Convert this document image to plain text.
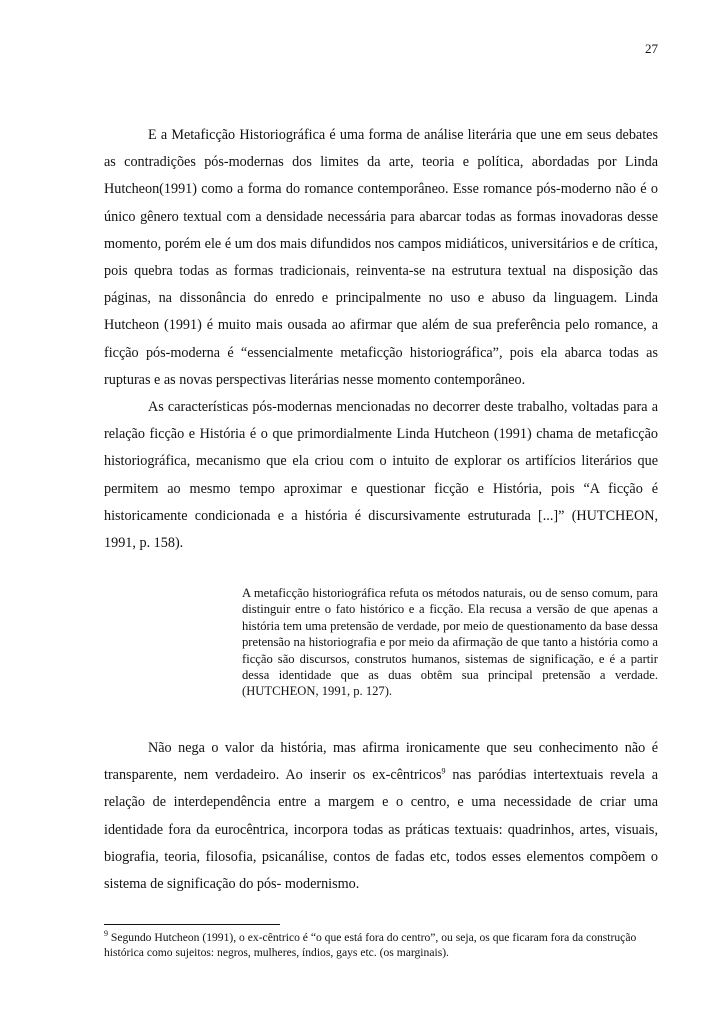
27

E a Metaficção Historiográfica é uma forma de análise literária que une em seus debates as contradições pós-modernas dos limites da arte, teoria e política, abordadas por Linda Hutcheon(1991) como a forma do romance contemporâneo. Esse romance pós-moderno não é o único gênero textual com a densidade necessária para abarcar todas as formas inovadoras desse momento, porém ele é um dos mais difundidos nos campos midiáticos, universitários e de crítica, pois quebra todas as formas tradicionais, reinventa-se na estrutura textual na disposição das páginas, na dissonância do enredo e principalmente no uso e abuso da linguagem. Linda Hutcheon (1991) é muito mais ousada ao afirmar que além de sua preferência pelo romance, a ficção pós-moderna é “essencialmente metaficção historiográfica”, pois ela abarca todas as rupturas e as novas perspectivas literárias nesse momento contemporâneo.

As características pós-modernas mencionadas no decorrer deste trabalho, voltadas para a relação ficção e História é o que primordialmente Linda Hutcheon (1991) chama de metaficção historiográfica, mecanismo que ela criou com o intuito de explorar os artifícios literários que permitem ao mesmo tempo aproximar e questionar ficção e História, pois “A ficção é historicamente condicionada e a história é discursivamente estruturada [...]” (HUTCHEON, 1991, p. 158).

A metaficção historiográfica refuta os métodos naturais, ou de senso comum, para distinguir entre o fato histórico e a ficção. Ela recusa a versão de que apenas a história tem uma pretensão de verdade, por meio de questionamento da base dessa pretensão na historiografia e por meio da afirmação de que tanto a história como a ficção são discursos, construtos humanos, sistemas de significação, e é a partir dessa identidade que as duas obtêm sua principal pretensão a verdade. (HUTCHEON, 1991, p. 127).

Não nega o valor da história, mas afirma ironicamente que seu conhecimento não é transparente, nem verdadeiro. Ao inserir os ex-cêntricos$^9$ nas paródias intertextuais revela a relação de interdependência entre a margem e o centro, e uma necessidade de criar uma identidade fora da eurocêntrica, incorpora todas as práticas textuais: quadrinhos, artes, visuais, biografia, teoria, filosofia, psicanálise, contos de fadas etc, todos esses elementos compõem o sistema de significação do pós- modernismo.

$^9$ Segundo Hutcheon (1991), o ex-cêntrico é “o que está fora do centro”, ou seja, os que ficaram fora da construção histórica como sujeitos: negros, mulheres, índios, gays etc. (os marginais).
